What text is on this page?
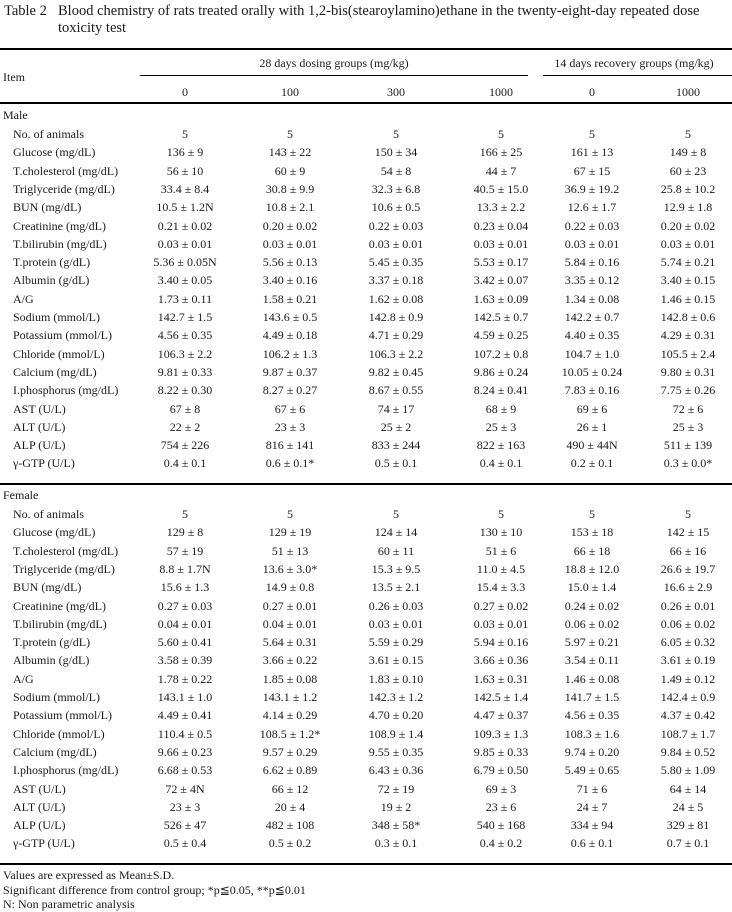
Table 2 Blood chemistry of rats treated orally with 1,2-bis(stearoylamino)ethane in the twenty-eight-day repeated dose toxicity test
Item
28 days dosing groups (mg/kg)	14 days recovery groups (mg/kg)
0	100	300	1000	0	1000
Male
No. of animals	5	5	5	5	5	5
Glucose (mg/dL)	136 ± 9	143 ± 22	150 ± 34	166 ± 25	161 ± 13	149 ± 8
T.cholesterol (mg/dL)	56 ± 10	60 ± 9	54 ± 8	44 ± 7	67 ± 15	60 ± 23
Triglyceride (mg/dL)	33.4 ± 8.4	30.8 ± 9.9	32.3 ± 6.8	40.5 ± 15.0	36.9 ± 19.2	25.8 ± 10.2
BUN (mg/dL)	10.5 ± 1.2N	10.8 ± 2.1	10.6 ± 0.5	13.3 ± 2.2	12.6 ± 1.7	12.9 ± 1.8
Creatinine (mg/dL)	0.21 ± 0.02	0.20 ± 0.02	0.22 ± 0.03	0.23 ± 0.04	0.22 ± 0.03	0.20 ± 0.02
T.bilirubin (mg/dL)	0.03 ± 0.01	0.03 ± 0.01	0.03 ± 0.01	0.03 ± 0.01	0.03 ± 0.01	0.03 ± 0.01
T.protein (g/dL)	5.36 ± 0.05N	5.56 ± 0.13	5.45 ± 0.35	5.53 ± 0.17	5.84 ± 0.16	5.74 ± 0.21
Albumin (g/dL)	3.40 ± 0.05	3.40 ± 0.16	3.37 ± 0.18	3.42 ± 0.07	3.35 ± 0.12	3.40 ± 0.15
A/G	1.73 ± 0.11	1.58 ± 0.21	1.62 ± 0.08	1.63 ± 0.09	1.34 ± 0.08	1.46 ± 0.15
Sodium (mmol/L)	142.7 ± 1.5	143.6 ± 0.5	142.8 ± 0.9	142.5 ± 0.7	142.2 ± 0.7	142.8 ± 0.6
Potassium (mmol/L)	4.56 ± 0.35	4.49 ± 0.18	4.71 ± 0.29	4.59 ± 0.25	4.40 ± 0.35	4.29 ± 0.31
Chloride (mmol/L)	106.3 ± 2.2	106.2 ± 1.3	106.3 ± 2.2	107.2 ± 0.8	104.7 ± 1.0	105.5 ± 2.4
Calcium (mg/dL)	9.81 ± 0.33	9.87 ± 0.37	9.82 ± 0.45	9.86 ± 0.24	10.05 ± 0.24	9.80 ± 0.31
I.phosphorus (mg/dL)	8.22 ± 0.30	8.27 ± 0.27	8.67 ± 0.55	8.24 ± 0.41	7.83 ± 0.16	7.75 ± 0.26
AST (U/L)	67 ± 8	67 ± 6	74 ± 17	68 ± 9	69 ± 6	72 ± 6
ALT (U/L)	22 ± 2	23 ± 3	25 ± 2	25 ± 3	26 ± 1	25 ± 3
ALP (U/L)	754 ± 226	816 ± 141	833 ± 244	822 ± 163	490 ± 44N	511 ± 139
γ-GTP (U/L)	0.4 ± 0.1	0.6 ± 0.1*	0.5 ± 0.1	0.4 ± 0.1	0.2 ± 0.1	0.3 ± 0.0*
Female
No. of animals	5	5	5	5	5	5
Glucose (mg/dL)	129 ± 8	129 ± 19	124 ± 14	130 ± 10	153 ± 18	142 ± 15
T.cholesterol (mg/dL)	57 ± 19	51 ± 13	60 ± 11	51 ± 6	66 ± 18	66 ± 16
Triglyceride (mg/dL)	8.8 ± 1.7N	13.6 ± 3.0*	15.3 ± 9.5	11.0 ± 4.5	18.8 ± 12.0	26.6 ± 19.7
BUN (mg/dL)	15.6 ± 1.3	14.9 ± 0.8	13.5 ± 2.1	15.4 ± 3.3	15.0 ± 1.4	16.6 ± 2.9
Creatinine (mg/dL)	0.27 ± 0.03	0.27 ± 0.01	0.26 ± 0.03	0.27 ± 0.02	0.24 ± 0.02	0.26 ± 0.01
T.bilirubin (mg/dL)	0.04 ± 0.01	0.04 ± 0.01	0.03 ± 0.01	0.03 ± 0.01	0.06 ± 0.02	0.06 ± 0.02
T.protein (g/dL)	5.60 ± 0.41	5.64 ± 0.31	5.59 ± 0.29	5.94 ± 0.16	5.97 ± 0.21	6.05 ± 0.32
Albumin (g/dL)	3.58 ± 0.39	3.66 ± 0.22	3.61 ± 0.15	3.66 ± 0.36	3.54 ± 0.11	3.61 ± 0.19
A/G	1.78 ± 0.22	1.85 ± 0.08	1.83 ± 0.10	1.63 ± 0.31	1.46 ± 0.08	1.49 ± 0.12
Sodium (mmol/L)	143.1 ± 1.0	143.1 ± 1.2	142.3 ± 1.2	142.5 ± 1.4	141.7 ± 1.5	142.4 ± 0.9
Potassium (mmol/L)	4.49 ± 0.41	4.14 ± 0.29	4.70 ± 0.20	4.47 ± 0.37	4.56 ± 0.35	4.37 ± 0.42
Chloride (mmol/L)	110.4 ± 0.5	108.5 ± 1.2*	108.9 ± 1.4	109.3 ± 1.3	108.3 ± 1.6	108.7 ± 1.7
Calcium (mg/dL)	9.66 ± 0.23	9.57 ± 0.29	9.55 ± 0.35	9.85 ± 0.33	9.74 ± 0.20	9.84 ± 0.52
I.phosphorus (mg/dL)	6.68 ± 0.53	6.62 ± 0.89	6.43 ± 0.36	6.79 ± 0.50	5.49 ± 0.65	5.80 ± 1.09
AST (U/L)	72 ± 4N	66 ± 12	72 ± 19	69 ± 3	71 ± 6	64 ± 14
ALT (U/L)	23 ± 3	20 ± 4	19 ± 2	23 ± 6	24 ± 7	24 ± 5
ALP (U/L)	526 ± 47	482 ± 108	348 ± 58*	540 ± 168	334 ± 94	329 ± 81
γ-GTP (U/L)	0.5 ± 0.4	0.5 ± 0.2	0.3 ± 0.1	0.4 ± 0.2	0.6 ± 0.1	0.7 ± 0.1
Values are expressed as Mean±S.D.
Significant difference from control group; *p≦0.05, **p≦0.01
N: Non parametric analysis
